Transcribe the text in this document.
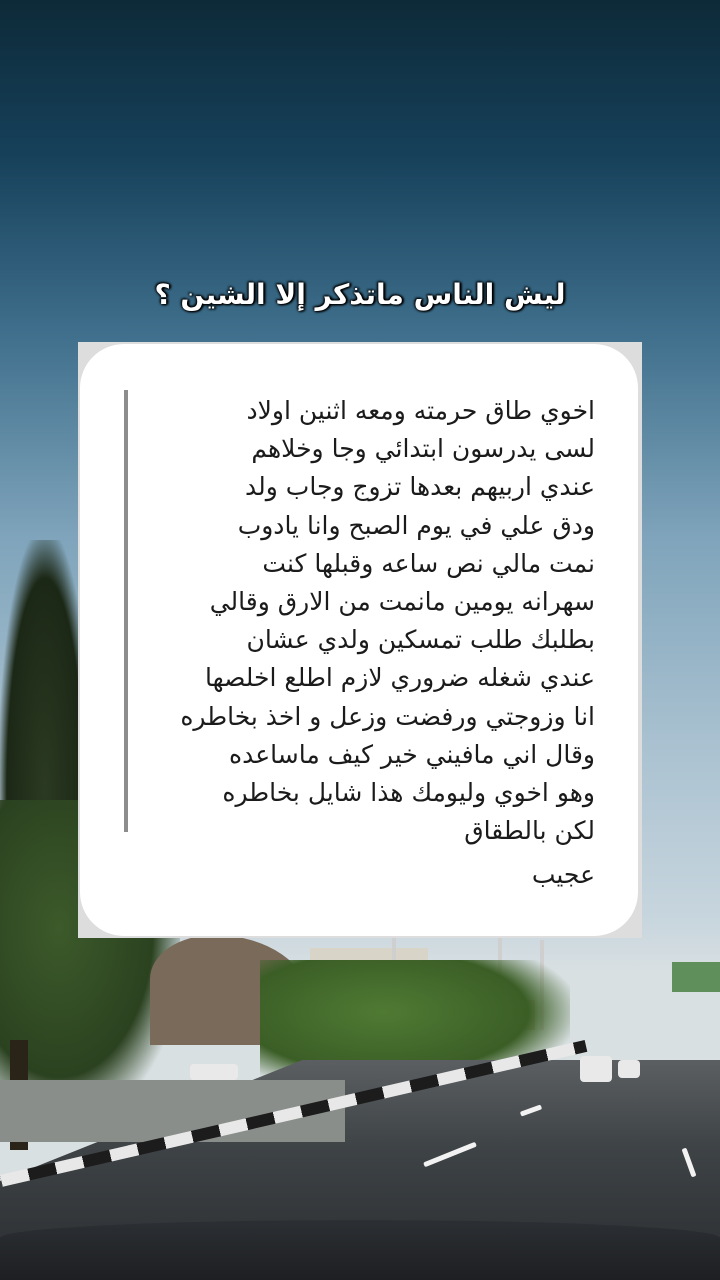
ليش الناس ماتذكر إلا الشين ؟
اخوي طاق حرمته ومعه اثنين اولاد
لسى يدرسون ابتدائي وجا وخلاهم
عندي اربيهم بعدها تزوج وجاب ولد
ودق علي في يوم الصبح وانا يادوب
نمت مالي نص ساعه وقبلها كنت
سهرانه يومين مانمت من الارق وقالي
بطلبك طلب تمسكين ولدي عشان
عندي شغله ضروري لازم اطلع اخلصها
انا وزوجتي ورفضت وزعل و اخذ بخاطره
وقال اني مافيني خير كيف ماساعده
وهو اخوي وليومك هذا شايل بخاطره
لكن بالطقاق
عجيب
